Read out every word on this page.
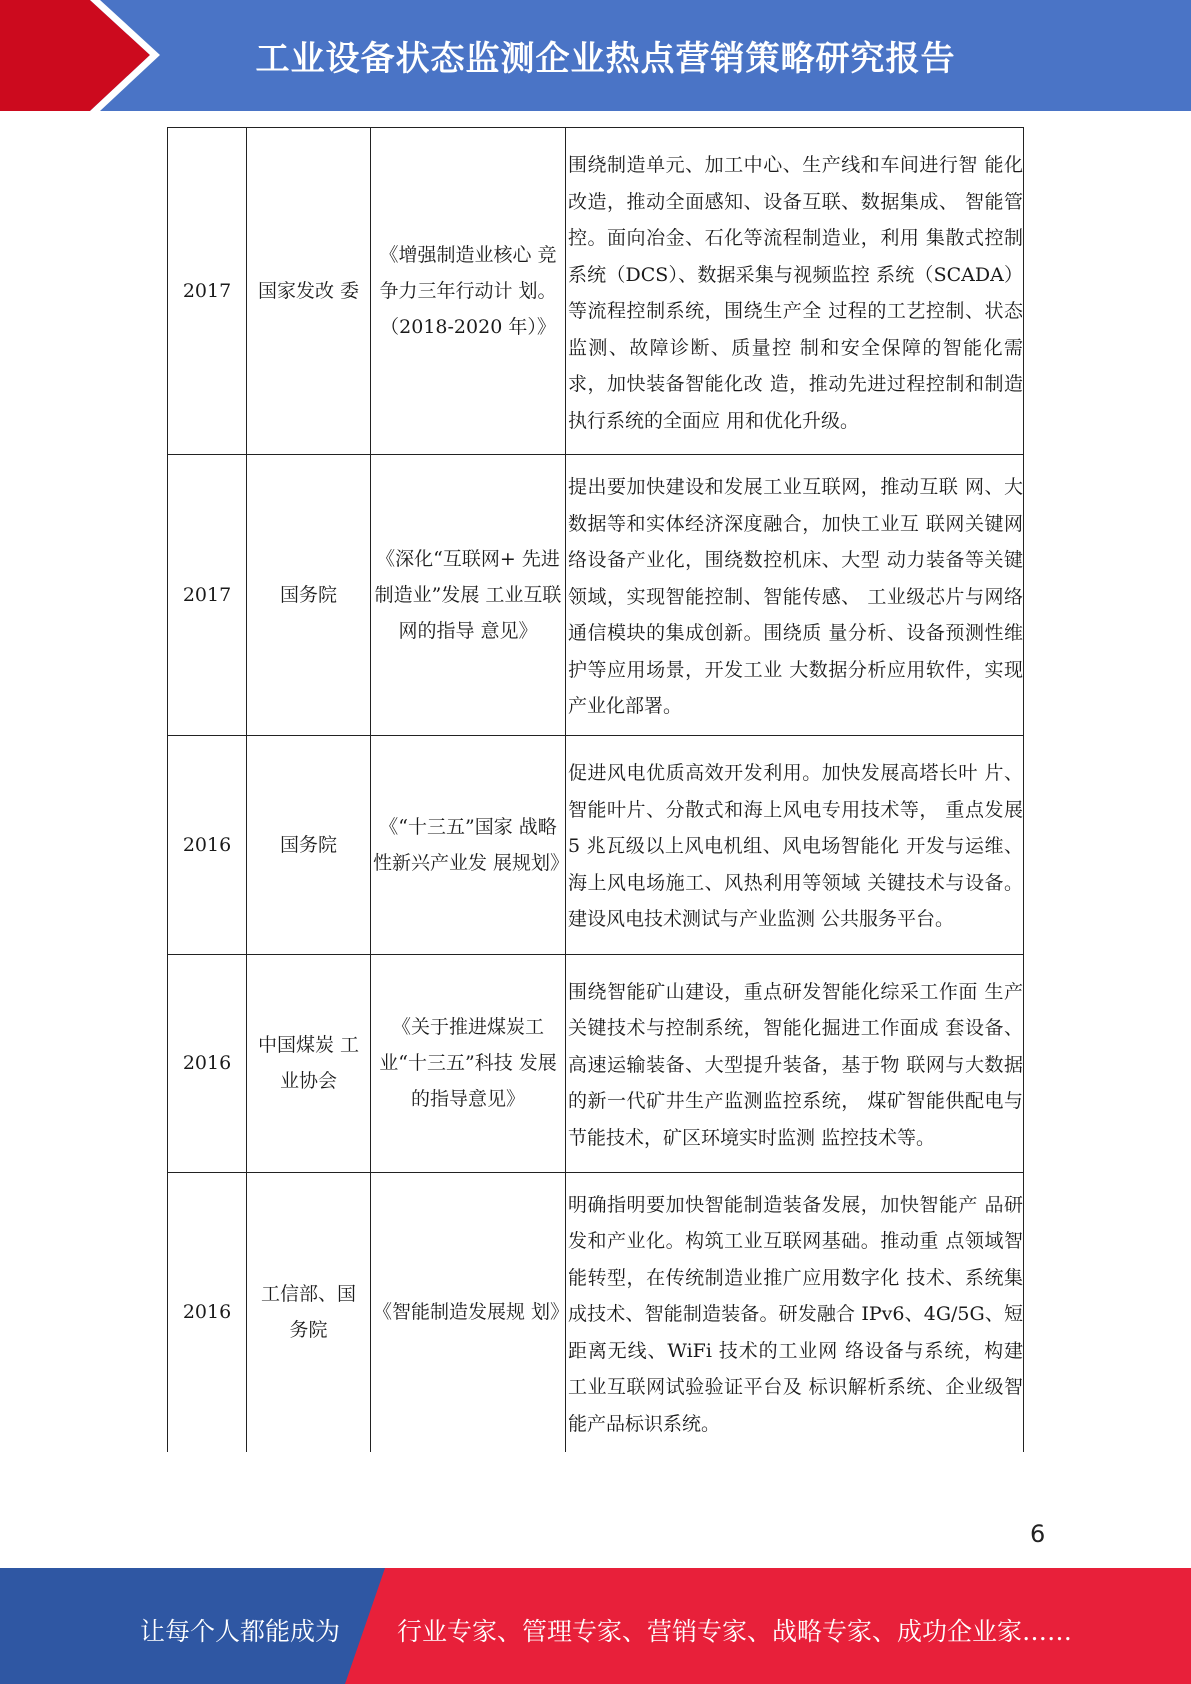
工业设备状态监测企业热点营销策略研究报告
2017	国家发改 委	《增强制造业核心 竞争力三年行动计 划。（2018-2020 年）》	围绕制造单元、加工中心、生产线和车间进行智 能化改造，推动全面感知、设备互联、数据集成、 智能管控。面向冶金、石化等流程制造业，利用 集散式控制系统（DCS）、数据采集与视频监控 系统（SCADA）等流程控制系统，围绕生产全 过程的工艺控制、状态监测、故障诊断、质量控 制和安全保障的智能化需求，加快装备智能化改 造，推动先进过程控制和制造执行系统的全面应 用和优化升级。
2017	国务院	《深化“互联网+ 先进制造业”发展 工业互联网的指导 意见》	提出要加快建设和发展工业互联网，推动互联 网、大数据等和实体经济深度融合，加快工业互 联网关键网络设备产业化，围绕数控机床、大型 动力装备等关键领域，实现智能控制、智能传感、 工业级芯片与网络通信模块的集成创新。围绕质 量分析、设备预测性维护等应用场景，开发工业 大数据分析应用软件，实现产业化部署。
2016	国务院	《“十三五”国家 战略性新兴产业发 展规划》	促进风电优质高效开发利用。加快发展高塔长叶 片、智能叶片、分散式和海上风电专用技术等， 重点发展 5 兆瓦级以上风电机组、风电场智能化 开发与运维、海上风电场施工、风热利用等领域 关键技术与设备。建设风电技术测试与产业监测 公共服务平台。
2016	中国煤炭 工业协会	《关于推进煤炭工 业“十三五”科技 发展的指导意见》	围绕智能矿山建设，重点研发智能化综采工作面 生产关键技术与控制系统，智能化掘进工作面成 套设备、高速运输装备、大型提升装备，基于物 联网与大数据的新一代矿井生产监测监控系统， 煤矿智能供配电与节能技术，矿区环境实时监测 监控技术等。
2016	工信部、国务院	《智能制造发展规 划》	明确指明要加快智能制造装备发展，加快智能产 品研发和产业化。构筑工业互联网基础。推动重 点领域智能转型，在传统制造业推广应用数字化 技术、系统集成技术、智能制造装备。研发融合 IPv6、4G/5G、短距离无线、WiFi 技术的工业网 络设备与系统，构建工业互联网试验验证平台及 标识解析系统、企业级智能产品标识系统。
6
让每个人都能成为 行业专家、管理专家、营销专家、战略专家、成功企业家……
